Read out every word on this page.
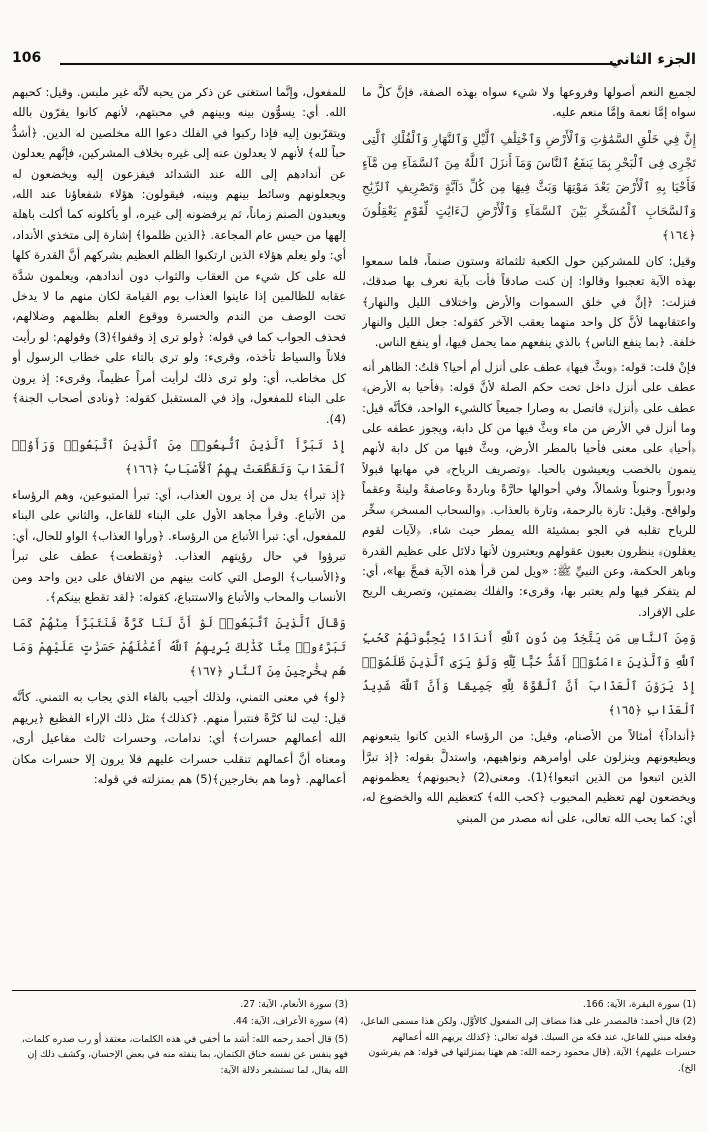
الجزء الثاني
106

لجميع النعم أصولها وفروعها ولا شيء سواه بهذه الصفة، فإنَّ كلَّ ما سواه إمَّا نعمة وإمَّا منعم عليه.

إِنَّ فِي خَلْقِ السَّمَٰوَٰتِ وَٱلْأَرْضِ وَٱخْتِلَٰفِ ٱلَّيْلِ وَٱلنَّهَارِ وَٱلْفُلْكِ ٱلَّتِى تَجْرِى فِى ٱلْبَحْرِ بِمَا يَنفَعُ ٱلنَّاسَ وَمَآ أَنزَلَ ٱللَّهُ مِنَ ٱلسَّمَآءِ مِن مَّآءٍ فَأَحْيَا بِهِ ٱلْأَرْضَ بَعْدَ مَوْتِهَا وَبَثَّ فِيهَا مِن كُلِّ دَآبَّةٍ وَتَصْرِيفِ ٱلرِّيَٰحِ وَٱلسَّحَابِ ٱلْمُسَخَّرِ بَيْنَ ٱلسَّمَآءِ وَٱلْأَرْضِ لَءَايَٰتٍ لِّقَوْمٍ يَعْقِلُونَ ﴿١٦٤﴾

وقيل: كان للمشركين حول الكعبة ثلثمائة وستون صنماً، فلما سمعوا بهذه الآية تعجبوا وقالوا: إن كنت صادقاً فأت بآية نعرف بها صدقك، فنزلت: ﴿إنَّ في خلق السموات والأرض واختلاف الليل والنهار﴾ واعتقابهما لأنَّ كل واحد منهما يعقب الآخر كقوله: جعل الليل والنهار خلفة. ﴿بما ينفع الناس﴾ بالذي ينفعهم مما يحمل فيها، أو ينفع الناس.

فإنْ قلت: قوله: ﴿وبثَّ فيها﴾ عطف على أنزل أم أحيا؟ قلتُ: الظاهر أنه عطف على أنزل داخل تحت حكم الصلة لأنَّ قوله: ﴿فأحيا به الأرض﴾ عطف على ﴿أنزل﴾ فاتصل به وصارا جميعاً كالشيء الواحد، فكأنَّه قيل: وما أنزل في الأرض من ماء وبثَّ فيها من كل دابة، ويجوز عطفه على ﴿أحيا﴾ على معنى فأحيا بالمطر الأرض، وبثَّ فيها من كل دابة لأنهم ينمون بالخصب ويعيشون بالحيا. ﴿وتصريف الرياح﴾ في مهابها قبولاً ودبوراً وجنوباً وشمالاً، وفي أحوالها حارَّةً وباردةً وعاصفةً ولينةً وعقماً ولواقح. وقيل: تارة بالرحمة، وتارة بالعذاب. ﴿والسحاب المسخر﴾ سخِّر للرياح تقلبه في الجو بمشيئة الله يمطر حيث شاء. ﴿لآيات لقوم يعقلون﴾ ينظرون بعيون عقولهم ويعتبرون لأنها دلائل على عظيم القدرة وباهر الحكمة، وعن النبيِّ ﷺ: «ويل لمن قرأ هذه الآية فمجَّ بها»، أي: لم يتفكر فيها ولم يعتبر بها، وقرىء: والفلك بضمتين، وتصريف الريح على الإفراد.

وَمِنَ ٱلنَّاسِ مَن يَتَّخِذُ مِن دُونِ ٱللَّهِ أَندَادًا يُحِبُّونَهُمْ كَحُبِّ ٱللَّهِ وَٱلَّذِينَ ءَامَنُوٓا۟ أَشَدُّ حُبًّا لِّلَّهِ وَلَوْ يَرَى ٱلَّذِينَ ظَلَمُوٓا۟ إِذْ يَرَوْنَ ٱلْعَذَابَ أَنَّ ٱلْقُوَّةَ لِلَّهِ جَمِيعًا وَأَنَّ ٱللَّهَ شَدِيدُ ٱلْعَذَابِ ﴿١٦٥﴾

﴿أنداداً﴾ أمثالاً من الأصنام، وقيل: من الرؤساء الذين كانوا يتبعونهم ويطيعونهم وينزلون على أوامرهم ونواهيهم، واستدلَّ بقوله: ﴿إذ تبرَّأ الذين اتبعوا من الذين اتبعوا﴾(1). ومعنى(2) ﴿يحبونهم﴾ يعظمونهم ويخضعون لهم تعظيم المحبوب ﴿كحب الله﴾ كتعظيم الله والخضوع له، أي: كما يحب الله تعالى، على أنه مصدر من المبني

للمفعول، وإنَّما استغنى عن ذكر من يحبه لأنَّه غير ملبس. وقيل: كحبهم الله. أي: يسوُّون بينه وبينهم في محبتهم، لأنهم كانوا يقرّون بالله ويتقرّبون إليه فإذا ركبوا في الفلك دعوا الله مخلصين له الدين. ﴿أشدُّ حباً لله﴾ لأنهم لا يعدلون عنه إلى غيره بخلاف المشركين، فإنَّهم يعدلون عن أندادهم إلى الله عند الشدائد فيفزعون إليه ويخضعون له ويجعلونهم وسائط بينهم وبينه، فيقولون: هؤلاء شفعاؤنا عند الله، ويعبدون الصنم زماناً، ثم يرفضونه إلى غيره، أو يأكلونه كما أكلت باهلة إلهها من حيس عام المجاعة. ﴿الذين ظلموا﴾ إشارة إلى متخذي الأنداد، أي: ولو يعلم هؤلاء الذين ارتكبوا الظلم العظيم بشركهم أنَّ القدرة كلها لله على كل شيء من العقاب والثواب دون أندادهم، ويعلمون شدَّة عقابه للظالمين إذا عاينوا العذاب يوم القيامة لكان منهم ما لا يدخل تحت الوصف من الندم والحسرة ووقوع العلم بظلمهم وضلالهم، فحذف الجواب كما في قوله: ﴿ولو ترى إذ وقفوا﴾(3) وقولهم: لو رأيت فلاناً والسياط تأخذه، وقرىء: ولو ترى بالتاء على خطاب الرسول أو كل مخاطب، أي: ولو ترى ذلك لرأيت أمراً عظيماً، وقرىء: إذ يرون على البناء للمفعول، وإذ في المستقبل كقوله: ﴿ونادى أصحاب الجنة﴾(4).

إِذْ تَبَرَّأَ ٱلَّذِينَ ٱتُّبِعُوا۟ مِنَ ٱلَّذِينَ ٱتَّبَعُوا۟ وَرَأَوُا۟ ٱلْعَذَابَ وَتَقَطَّعَتْ بِهِمُ ٱلْأَسْبَابُ ﴿١٦٦﴾

﴿إذ تبرأ﴾ بدل من إذ يرون العذاب، أي: تبرأ المتبوعين، وهم الرؤساء من الأتباع. وقرأ مجاهد الأول على البناء للفاعل، والثاني على البناء للمفعول، أي: تبرأ الأتباع من الرؤساء. ﴿ورأوا العذاب﴾ الواو للحال، أي: تبرؤوا في حال رؤيتهم العذاب. ﴿وتقطعت﴾ عطف على تبرأ و﴿الأسباب﴾ الوصل التي كانت بينهم من الاتفاق على دين واحد ومن الأنساب والمحاب والأتباع والاستتباع، كقوله: ﴿لقد تقطع بينكم﴾.

وَقَالَ ٱلَّذِينَ ٱتَّبَعُوا۟ لَوْ أَنَّ لَنَا كَرَّةً فَنَتَبَرَّأَ مِنْهُمْ كَمَا تَبَرَّءُوا۟ مِنَّا كَذَٰلِكَ يُرِيهِمُ ٱللَّهُ أَعْمَٰلَهُمْ حَسَرَٰتٍ عَلَيْهِمْ وَمَا هُم بِخَٰرِجِينَ مِنَ ٱلنَّارِ ﴿١٦٧﴾

﴿لو﴾ في معنى التمني، ولذلك أجيب بالفاء الذي يجاب به التمني. كأنَّه قيل: ليت لنا كرَّةً فنتبرأ منهم. ﴿كذلك﴾ مثل ذلك الإراء الفظيع ﴿يريهم الله أعمالهم حسرات﴾ أي: ندامات، وحسرات ثالث مفاعيل أرى، ومعناه أنَّ أعمالهم تنقلب حسرات عليهم فلا يرون إلا حسرات مكان أعمالهم. ﴿وما هم بخارجين﴾(5) هم بمنزلته في قوله:

(1) سورة البقرة، الآية: 166.

(2) قال أحمد: فالمصدر على هذا مضاف إلى المفعول كالأوَّل، ولكن هذا مسمى الفاعل، وفعله مبني للفاعل، عند فكه من السبك. قوله تعالى: ﴿كذلك يريهم الله أعمالهم حسرات عليهم﴾ الآية. (قال محمود رحمه الله: هم ههنا بمنزلتها في قوله: هم يفرشون الخ).

(3) سورة الأنعام، الآية: 27.

(4) سورة الأعراف، الآية: 44.

(5) قال أحمد رحمه الله: أشد ما أخفي في هذه الكلمات، معتقد أو رب صدره كلمات، فهو ينفس عن نفسه خناق الكتمان، بما ينفثه منه في بعض الإحسان، وكشف ذلك إن الله يقال، لما تستشعر دلالة الآية:
